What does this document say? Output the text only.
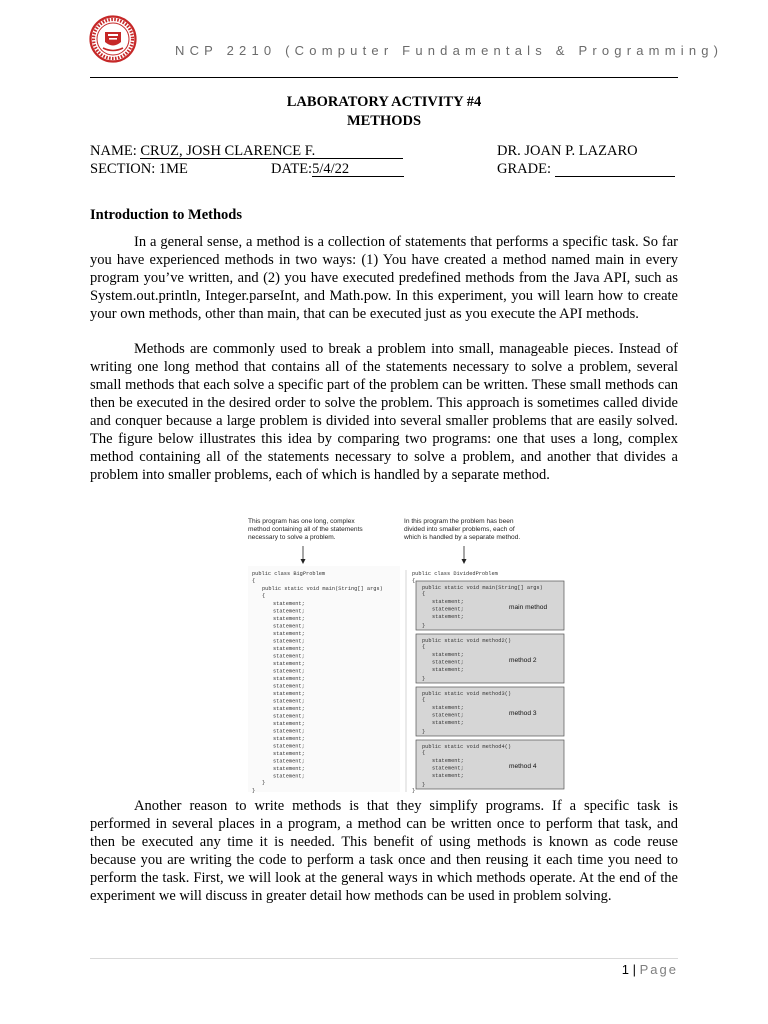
NCP 2210 (Computer Fundamentals & Programming)
LABORATORY ACTIVITY #4
METHODS
NAME: CRUZ, JOSH CLARENCE F.	DR. JOAN P. LAZARO
SECTION: 1ME	DATE:5/4/22	GRADE:
Introduction to Methods

In a general sense, a method is a collection of statements that performs a specific task. So far you have experienced methods in two ways: (1) You have created a method named main in every program you’ve written, and (2) you have executed predefined methods from the Java API, such as System.out.println, Integer.parseInt, and Math.pow. In this experiment, you will learn how to create your own methods, other than main, that can be executed just as you execute the API methods.

Methods are commonly used to break a problem into small, manageable pieces. Instead of writing one long method that contains all of the statements necessary to solve a problem, several small methods that each solve a specific part of the problem can be written. These small methods can then be executed in the desired order to solve the problem. This approach is sometimes called divide and conquer because a large problem is divided into several smaller problems that are easily solved. The figure below illustrates this idea by comparing two programs: one that uses a long, complex method containing all of the statements necessary to solve a problem, and another that divides a problem into smaller problems, each of which is handled by a separate method.

This program has one long, complex
method containing all of the statements
necessary to solve a problem.
In this program the problem has been
divided into smaller problems, each of
which is handled by a separate method.
public class BigProblem
{
public static void main(String[] args)
{
statement;
statement;
statement;
statement;
statement;
statement;
statement;
statement;
statement;
statement;
statement;
statement;
statement;
statement;
statement;
statement;
statement;
statement;
statement;
statement;
statement;
statement;
statement;
statement;
}
}
public class DividedProblem
{
public static void main(String[] args)
{
statement;
statement;
statement;
}
main method
public static void method2()
{
statement;
statement;
statement;
}
method 2
public static void method3()
{
statement;
statement;
statement;
}
method 3
public static void method4()
{
statement;
statement;
statement;
}
method 4
}

Another reason to write methods is that they simplify programs. If a specific task is performed in several places in a program, a method can be written once to perform that task, and then be executed any time it is needed. This benefit of using methods is known as code reuse because you are writing the code to perform a task once and then reusing it each time you need to perform the task. First, we will look at the general ways in which methods operate. At the end of the experiment we will discuss in greater detail how methods can be used in problem solving.

1 | Page
